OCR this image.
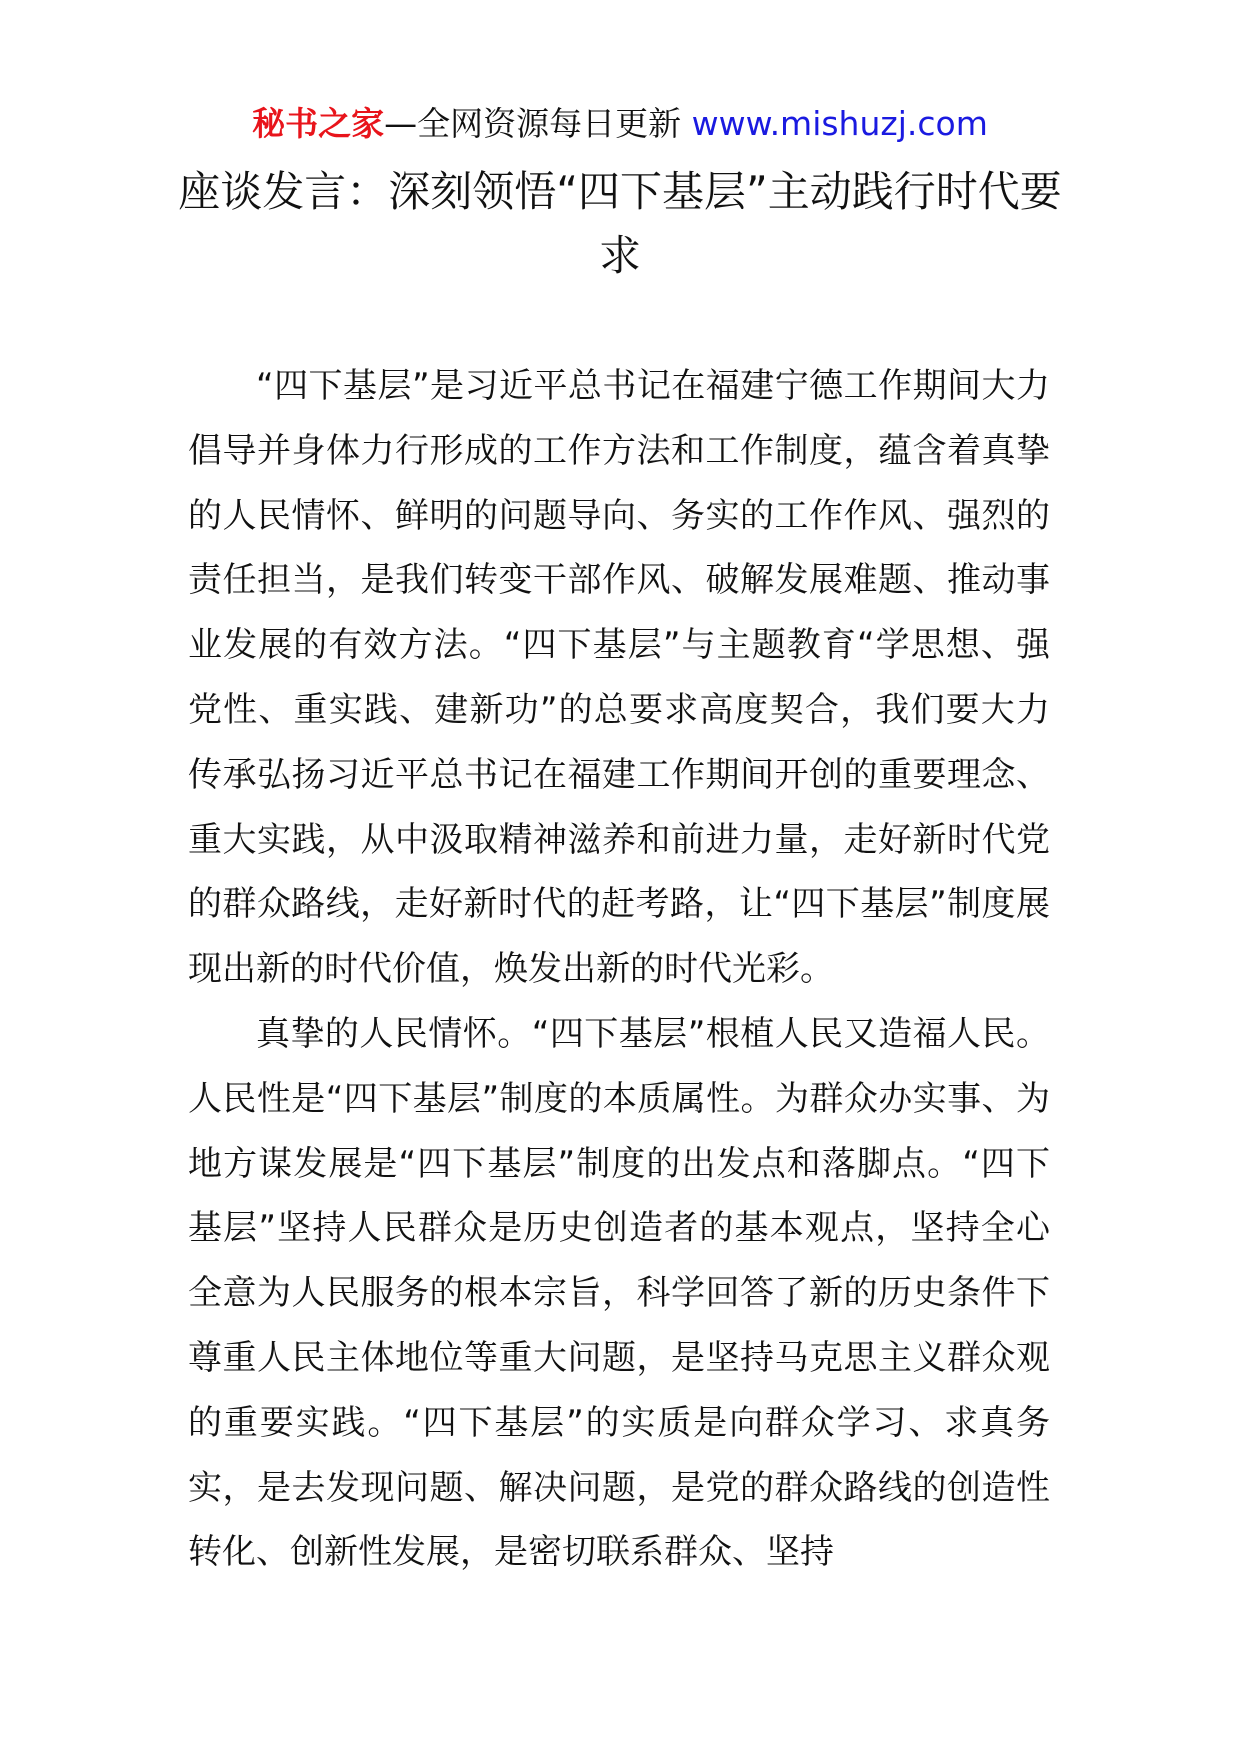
秘书之家—全网资源每日更新 www.mishuzj.com
座谈发言：深刻领悟“四下基层”主动践行时代要求

“四下基层”是习近平总书记在福建宁德工作期间大力倡导并身体力行形成的工作方法和工作制度，蕴含着真挚的人民情怀、鲜明的问题导向、务实的工作作风、强烈的责任担当，是我们转变干部作风、破解发展难题、推动事业发展的有效方法。“四下基层”与主题教育“学思想、强党性、重实践、建新功”的总要求高度契合，我们要大力传承弘扬习近平总书记在福建工作期间开创的重要理念、重大实践，从中汲取精神滋养和前进力量，走好新时代党的群众路线，走好新时代的赶考路，让“四下基层”制度展现出新的时代价值，焕发出新的时代光彩。

真挚的人民情怀。“四下基层”根植人民又造福人民。人民性是“四下基层”制度的本质属性。为群众办实事、为地方谋发展是“四下基层”制度的出发点和落脚点。“四下基层”坚持人民群众是历史创造者的基本观点，坚持全心全意为人民服务的根本宗旨，科学回答了新的历史条件下尊重人民主体地位等重大问题，是坚持马克思主义群众观的重要实践。“四下基层”的实质是向群众学习、求真务实，是去发现问题、解决问题，是党的群众路线的创造性转化、创新性发展，是密切联系群众、坚持
